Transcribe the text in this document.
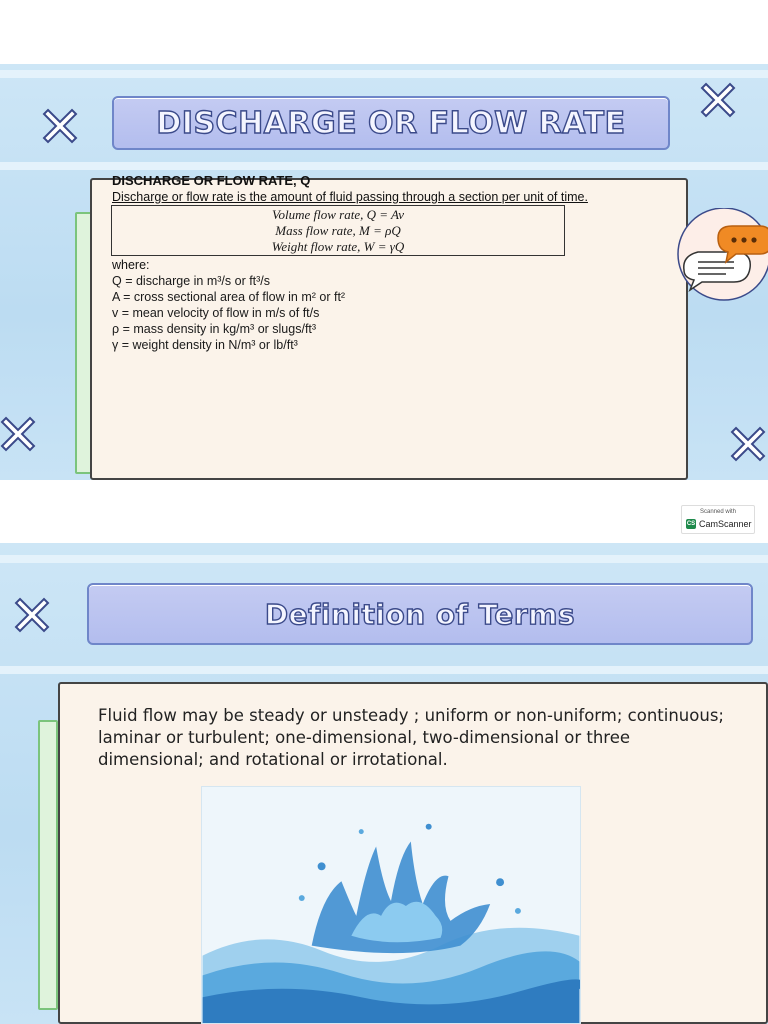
DISCHARGE OR FLOW RATE
DISCHARGE OR FLOW RATE, Q
Discharge or flow rate is the amount of fluid passing through a section per unit of time.
Volume flow rate, Q = Av
Mass flow rate, M = ρQ
Weight flow rate, W = γQ
where:
Q = discharge in m³/s or ft³/s
A = cross sectional area of flow in m² or ft²
v = mean velocity of flow in m/s of ft/s
ρ = mass density in kg/m³ or slugs/ft³
γ = weight density in N/m³ or lb/ft³
Scanned with
CS CamScanner
Definition of Terms
Fluid flow may be steady or unsteady ; uniform or non-uniform; continuous; laminar or turbulent; one-dimensional, two-dimensional or three dimensional; and rotational or irrotational.
